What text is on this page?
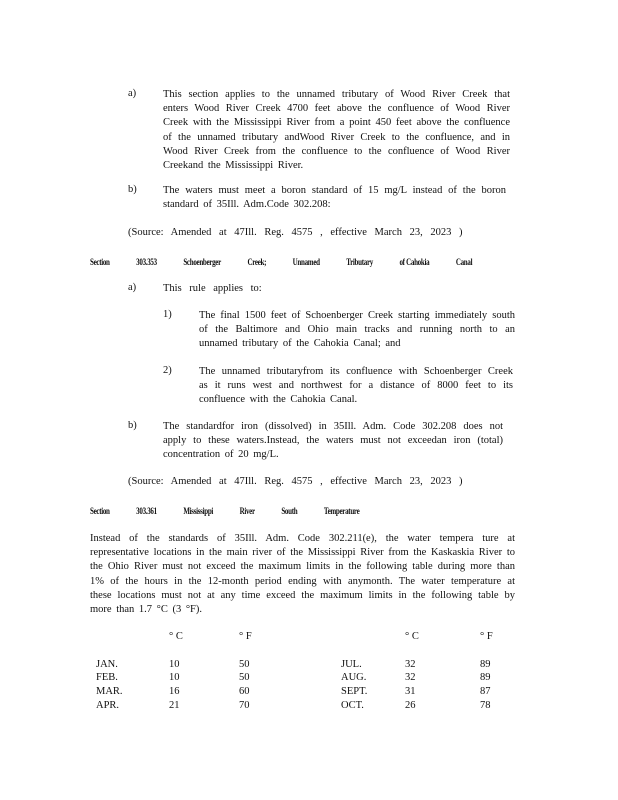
a)	This section applies to the unnamed tributary of Wood River Creek that enters Wood River Creek 4700 feet above the confluence of Wood River Creek with the Mississippi River from a point 450 feet above the confluence of the unnamed tributary andWood River Creek to the confluence, and in Wood River Creek from the confluence to the confluence of Wood River Creekand the Mississippi River.
b)	The waters must meet a boron standard of 15 mg/L instead of the boron standard of 35Ill. Adm.Code 302.208:
(Source: Amended at 47Ill. Reg. 4575 , effective March 23, 2023 )
Section	303.353	Schoenberger	Creek;	Unnamed	Tributary	of Cahokia	Canal
a)	This rule applies to:
1)	The final 1500 feet of Schoenberger Creek starting immediately south of the Baltimore and Ohio main tracks and running north to an unnamed tributary of the Cahokia Canal; and
2)	The unnamed tributaryfrom its confluence with Schoenberger Creek as it runs west and northwest for a distance of 8000 feet to its confluence with the Cahokia Canal.
b)	The standardfor iron (dissolved) in 35Ill. Adm. Code 302.208 does not apply to these waters.Instead, the waters must not exceedan iron (total) concentration of 20 mg/L.
(Source: Amended at 47Ill. Reg. 4575 , effective March 23, 2023 )
Section	303.361	Mississippi	River	South	Temperature
Instead of the standards of 35Ill. Adm. Code 302.211(e), the water tempera ture at representative locations in the main river of the Mississippi River from the Kaskaskia River to the Ohio River must not exceed the maximum limits in the following table during more than 1% of the hours in the 12-month period ending with anymonth. The water temperature at these locations must not at any time exceed the maximum limits in the following table by more than 1.7 °C (3 °F).
	° C	° F		° C	° F

JAN.	10	50	JUL.	32	89
FEB.	10	50	AUG.	32	89
MAR.	16	60	SEPT.	31	87
APR.	21	70	OCT.	26	78
